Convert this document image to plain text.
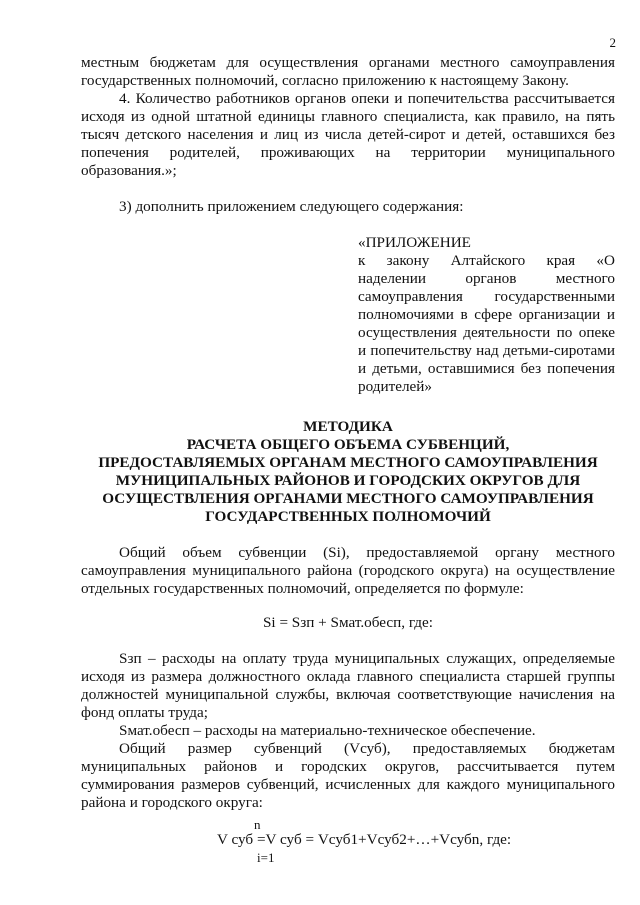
2

местным бюджетам для осуществления органами местного самоуправления государственных полномочий, согласно приложению к настоящему Закону.

4. Количество работников органов опеки и попечительства рассчитывается исходя из одной штатной единицы главного специалиста, как правило, на пять тысяч детского населения и лиц из числа детей-сирот и детей, оставшихся без попечения родителей, проживающих на территории муниципального образования.»;

3) дополнить приложением следующего содержания:

«ПРИЛОЖЕНИЕ

к закону Алтайского края «О наделении органов местного самоуправления государственными полномочиями в сфере организации и осуществления деятельности по опеке и попечительству над детьми-сиротами и детьми, оставшимися без попечения родителей»

МЕТОДИКА
РАСЧЕТА ОБЩЕГО ОБЪЕМА СУБВЕНЦИЙ,
ПРЕДОСТАВЛЯЕМЫХ ОРГАНАМ МЕСТНОГО САМОУПРАВЛЕНИЯ
МУНИЦИПАЛЬНЫХ РАЙОНОВ И ГОРОДСКИХ ОКРУГОВ ДЛЯ
ОСУЩЕСТВЛЕНИЯ ОРГАНАМИ МЕСТНОГО САМОУПРАВЛЕНИЯ
ГОСУДАРСТВЕННЫХ ПОЛНОМОЧИЙ

Общий объем субвенции (Si), предоставляемой органу местного самоуправления муниципального района (городского округа) на осуществление отдельных государственных полномочий, определяется по формуле:

Si = Sзп + Sмат.обесп, где:

Sзп – расходы на оплату труда муниципальных служащих, определяемые исходя из размера должностного оклада главного специалиста старшей группы должностей муниципальной службы, включая соответствующие начисления на фонд оплаты труда;

Sмат.обесп – расходы на материально-техническое обеспечение.

Общий размер субвенций (Vсуб), предоставляемых бюджетам муниципальных районов и городских округов, рассчитывается путем суммирования размеров субвенций, исчисленных для каждого муниципального района и городского округа:

n
V суб =V суб = Vсуб1+Vсуб2+…+Vсубn, где:
i=1
